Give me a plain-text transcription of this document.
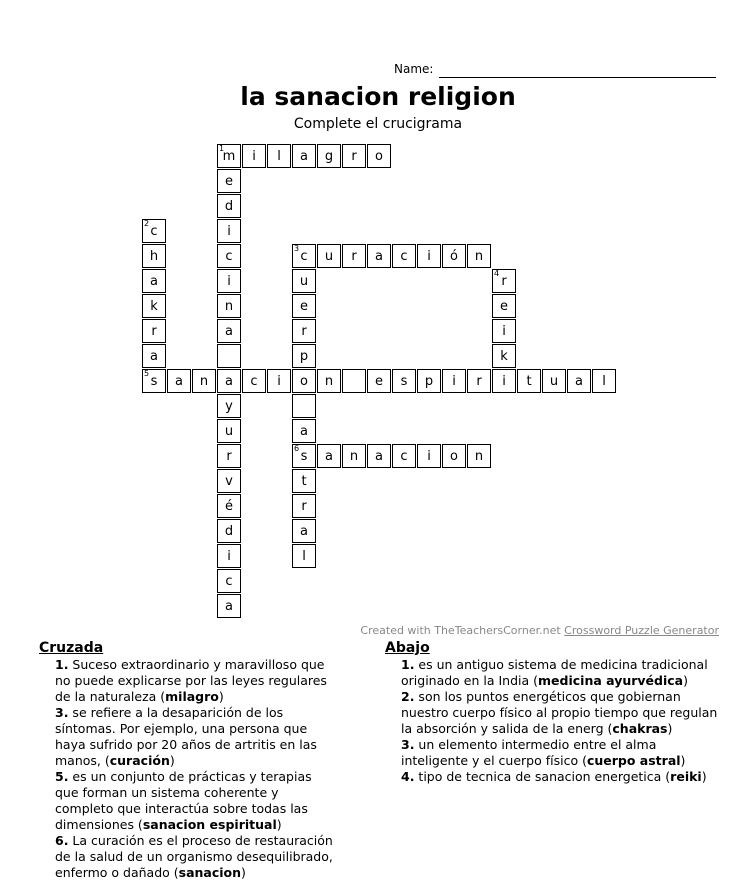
Name:
la sanacion religion
Complete el crucigrama
1
m	i	l	a	g	r	o
e
d
i
2
c
h	c
3
c	u	r	a	c	i	ó	n
a	i	u
4
r
k	n	e	e
r	a	r	i
a	p	k
5
s	a	n	a	c	i	o	n	e	s	p	i	r	i	t	u	a	l
y
u	a
r
6
s	a	n	a	c	i	o	n
v	t
é	r
d	a
i	l
c
a
Created with TheTeachersCorner.net Crossword Puzzle Generator
Cruzada

1. Suceso extraordinario y maravilloso que no puede explicarse por las leyes regulares de la naturaleza (milagro)

3. se refiere a la desaparición de los síntomas. Por ejemplo, una persona que haya sufrido por 20 años de artritis en las manos, (curación)

5. es un conjunto de prácticas y terapias que forman un sistema coherente y completo que interactúa sobre todas las dimensiones (sanacion espiritual)

6. La curación es el proceso de restauración de la salud de un organismo desequilibrado, enfermo o dañado (sanacion)

Abajo

1. es un antiguo sistema de medicina tradicional originado en la India (medicina ayurvédica)

2. son los puntos energéticos que gobiernan nuestro cuerpo físico al propio tiempo que regulan la absorción y salida de la energ (chakras)

3. un elemento intermedio entre el alma inteligente y el cuerpo físico (cuerpo astral)

4. tipo de tecnica de sanacion energetica (reiki)
